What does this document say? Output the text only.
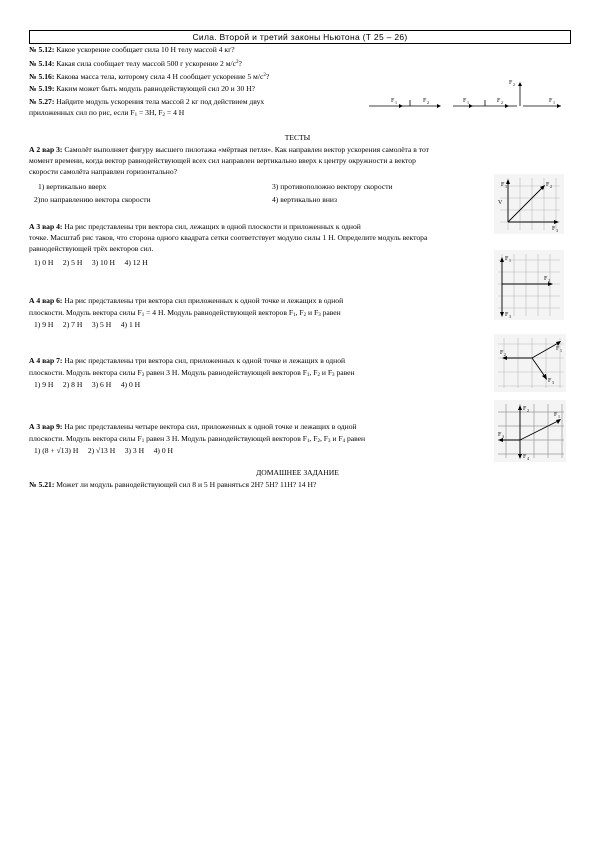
Сила. Второй и третий законы Ньютона (Т 25 – 26)
№ 5.12: Какое ускорение сообщает сила 10 Н телу массой 4 кг?
№ 5.14: Какая сила сообщает телу массой 500 г ускорение 2 $м/с^2$?
№ 5.16: Какова масса тела, которому сила 4 Н сообщает ускорение 5 $м/с^2$?
№ 5.19: Каким может быть модуль равнодействующей сил 20 и 30 Н?
№ 5.27: Найдите модуль ускорения тела массой 2 кг под действием двух
приложенных сил по рис, если $F_1 = 3Н$, $F_2 = 4$ Н
F 1	F 2	F 1	F 2
F 2
F 1
ТЕСТЫ
А 2 вар 3: Самолёт выполняет фигуру высшего пилотажа «мёртвая петля». Как направлен вектор ускорения самолёта в тот
момент времени, когда вектор равнодействующей всех сил направлен вертикально вверх к центру окружности а вектор
скорости самолёта направлен горизонтально?
1) вертикально вверх	3) противоположно вектору скорости
2)по направлению вектора скорости	4) вертикально вниз
F 1	F 2
F 3
V
А 3 вар 4: На рис представлены три вектора сил, лежащих в одной плоскости и приложенных к одной
точке. Масштаб рис таков, что сторона одного квадрата сетки соответствует модулю силы 1 Н. Определите модуль вектора
равнодействующей трёх векторов сил.
1) 0 Н 2) 5 Н 3) 10 Н 4) 12 Н	F 1
F 2
F 3
А 4 вар 6: На рис представлены три вектора сил приложенных к одной точке и лежащих в одной
плоскости. Модуль вектора силы $F_1 = 4$ Н. Модуль равнодействующей векторов $F_1$, $F_2$ и $F_3$ равен
1) 9 Н 2) 7 Н 3) 5 Н 4) 1 Н
F 1
F 2
F 3
А 4 вар 7: На рис представлены три вектора сил, приложенных к одной точке и лежащих в одной
плоскости. Модуль вектора силы $F_3$ равен 3 Н. Модуль равнодействующей векторов $F_1$, $F_2$ и $F_3$ равен
1) 9 Н 2) 8 Н 3) 6 Н 4) 0 Н
F 2
F 1
F 3
F 4
А 3 вар 9: На рис представлены четыре вектора сил, приложенных к одной точке и лежащих в одной
плоскости. Модуль вектора силы $F_1$ равен 3 Н. Модуль равнодействующей векторов $F_1$, $F_2$, $F_3$ и $F_4$ равен
1) (8 + √13) Н 2) √13 Н 3) 3 Н 4) 0 Н
ДОМАШНЕЕ ЗАДАНИЕ
№ 5.21: Может ли модуль равнодействующей сил 8 и 5 Н равняться 2Н? 5Н? 11Н? 14 Н?
